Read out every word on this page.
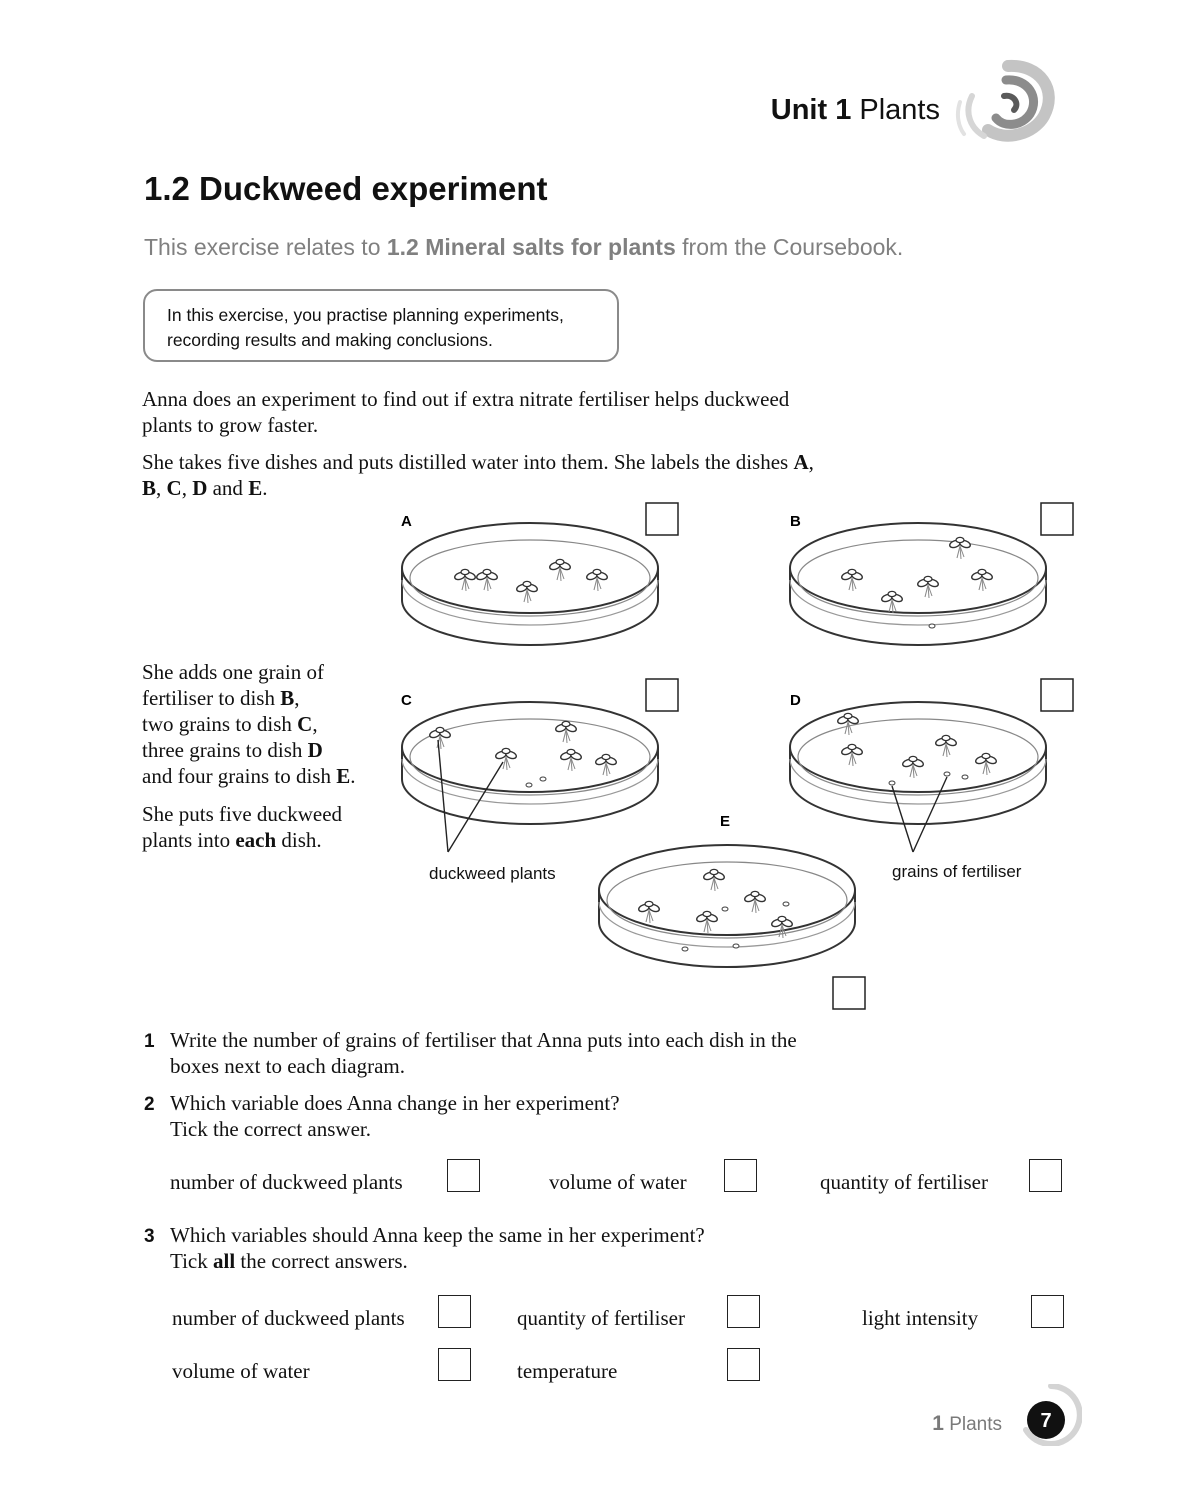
Unit 1 Plants
1.2 Duckweed experiment
This exercise relates to 1.2 Mineral salts for plants from the Coursebook.
In this exercise, you practise planning experiments,
recording results and making conclusions.
Anna does an experiment to find out if extra nitrate fertiliser helps duckweed
plants to grow faster.
She takes five dishes and puts distilled water into them. She labels the dishes A,
B, C, D and E.
She adds one grain of
fertiliser to dish B,
two grains to dish C,
three grains to dish D
and four grains to dish E.
She puts five duckweed
plants into each dish.
A	B
C	D
E
duckweed plants	grains of fertiliser
1 Write the number of grains of fertiliser that Anna puts into each dish in the
boxes next to each diagram.
2 Which variable does Anna change in her experiment?
Tick the correct answer.
number of duckweed plants	volume of water	quantity of fertiliser
3 Which variables should Anna keep the same in her experiment?
Tick all the correct answers.
number of duckweed plants	quantity of fertiliser	light intensity
volume of water	temperature
1 Plants 7
